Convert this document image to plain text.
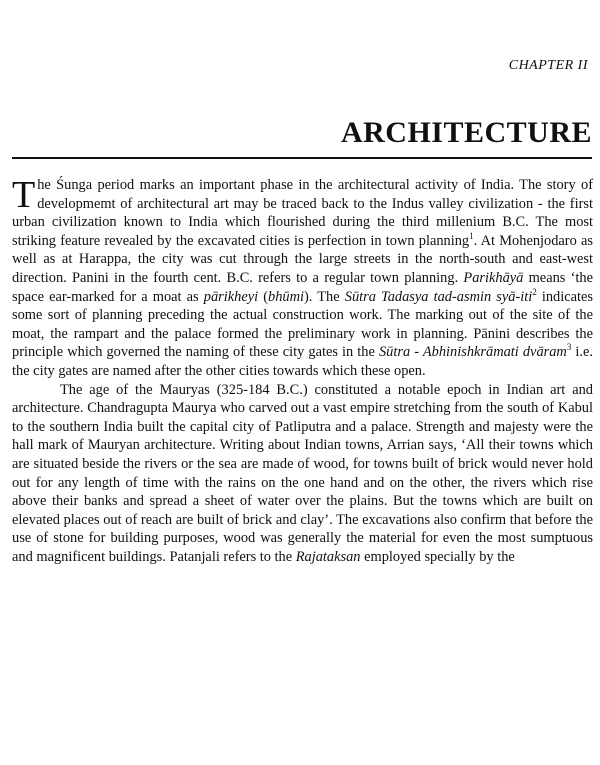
CHAPTER II
ARCHITECTURE

The Śunga period marks an important phase in the architectural activity of India. The story of developmemt of architectural art may be traced back to the Indus valley civilization - the first urban civilization known to India which flourished during the third millenium B.C. The most striking feature revealed by the excavated cities is perfection in town planning$^1$. At Mohenjodaro as well as at Harappa, the city was cut through the large streets in the north-south and east-west direction. Panini in the fourth cent. B.C. refers to a regular town planning. Parikhāyā means ‘the space ear-marked for a moat as pārikheyi (bhūmi). The Sūtra Tadasya tad-asmin syā-iti$^2$ indicates some sort of planning preceding the actual construction work. The marking out of the site of the moat, the rampart and the palace formed the preliminary work in planning. Pānini describes the principle which governed the naming of these city gates in the Sūtra - Abhinishkrāmati dvāram$^3$ i.e. the city gates are named after the other cities towards which these open.

The age of the Mauryas (325-184 B.C.) constituted a notable epoch in Indian art and architecture. Chandragupta Maurya who carved out a vast empire stretching from the south of Kabul to the southern India built the capital city of Patliputra and a palace. Strength and majesty were the hall mark of Mauryan architecture. Writing about Indian towns, Arrian says, ‘All their towns which are situated beside the rivers or the sea are made of wood, for towns built of brick would never hold out for any length of time with the rains on the one hand and on the other, the rivers which rise above their banks and spread a sheet of water over the plains. But the towns which are built on elevated places out of reach are built of brick and clay’. The excavations also confirm that before the use of stone for building purposes, wood was generally the material for even the most sumptuous and magnificent buildings. Patanjali refers to the Rajataksan employed specially by the
